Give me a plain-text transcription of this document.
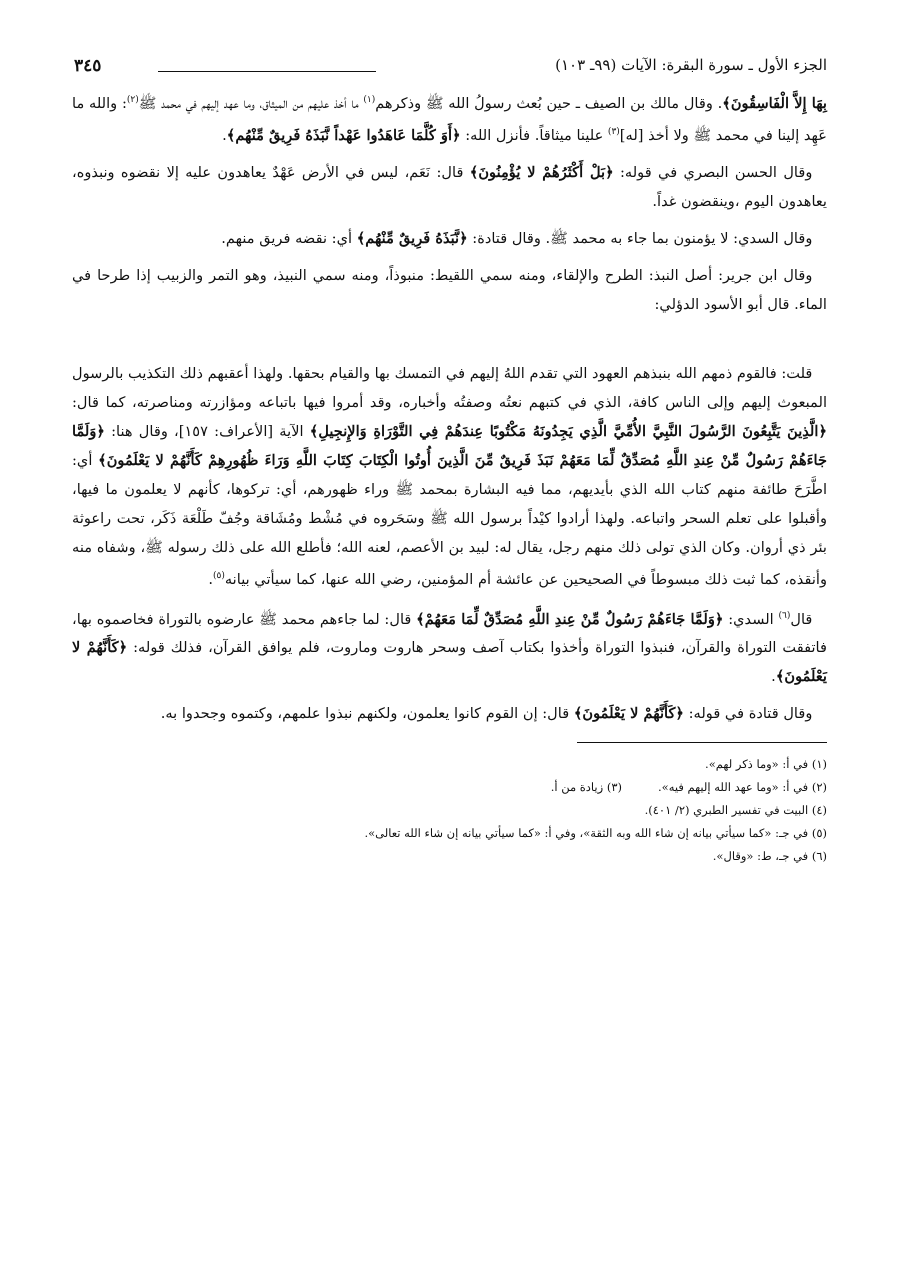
الجزء الأول ـ سورة البقرة: الآيات (٩٩ـ ١٠٣)
٣٤٥

بِهَا إِلاَّ الْفَاسِقُونَ﴾. وقال مالك بن الصيف ـ حين بُعث رسولُ الله ﷺ وذكرهم$^{(١)}$ ما أخذ عليهم من الميثاق، وما عهد إليهم في محمد ﷺ$^{(٢)}$: والله ما عَهِد إلينا في محمد ﷺ ولا أخذ [له]$^{(٣)}$ علينا ميثاقاً. فأنزل الله: ﴿أَوَ كُلَّمَا عَاهَدُوا عَهْداً نَّبَذَهُ فَرِيقٌ مِّنْهُم﴾.

 وقال الحسن البصري في قوله: ﴿بَلْ أَكْثَرُهُمْ لا يُؤْمِنُونَ﴾ قال: نَعَم، ليس في الأرض عَهْدٌ يعاهدون عليه إلا نقضوه ونبذوه، يعاهدون اليوم ،وينقضون غداً.

 وقال السدي: لا يؤمنون بما جاء به محمد ﷺ. وقال قتادة: ﴿نَّبَذَهُ فَرِيقٌ مِّنْهُم﴾ أي: نقضه فريق منهم.

 وقال ابن جرير: أصل النبذ: الطرح والإلقاء، ومنه سمي اللقيط: منبوذاً، ومنه سمي النبيذ، وهو التمر والزبيب إذا طرحا في الماء. قال أبو الأسود الدؤلي:

 قلت: فالقوم ذمهم الله بنبذهم العهود التي تقدم اللهُ إليهم في التمسك بها والقيام بحقها. ولهذا أعقبهم ذلك التكذيب بالرسول المبعوث إليهم وإلى الناس كافة، الذي في كتبهم نعتُه وصفتُه وأخباره، وقد أمروا فيها باتباعه ومؤازرته ومناصرته، كما قال: ﴿الَّذِينَ يَتَّبِعُونَ الرَّسُولَ النَّبِيَّ الأُمِّيَّ الَّذِي يَجِدُونَهُ مَكْتُوبًا عِندَهُمْ فِي التَّوْرَاةِ وَالإِنجِيلِ﴾ الآية [الأعراف: ١٥٧]، وقال هنا: ﴿وَلَمَّا جَاءَهُمْ رَسُولٌ مِّنْ عِندِ اللَّهِ مُصَدِّقٌ لِّمَا مَعَهُمْ نَبَذَ فَرِيقٌ مِّنَ الَّذِينَ أُوتُوا الْكِتَابَ كِتَابَ اللَّهِ وَرَاءَ ظُهُورِهِمْ كَأَنَّهُمْ لا يَعْلَمُونَ﴾ أي: اطَّرَحَ طائفة منهم كتاب الله الذي بأيديهم، مما فيه البشارة بمحمد ﷺ وراء ظهورهم، أي: تركوها، كأنهم لا يعلمون ما فيها، وأقبلوا على تعلم السحر واتباعه. ولهذا أرادوا كيْداً برسول الله ﷺ وسَحَروه في مُشْط ومُشَاقة وجُفّ طَلْعَة ذَكَر، تحت راعوثة بئر ذي أروان. وكان الذي تولى ذلك منهم رجل، يقال له: لبيد بن الأعصم، لعنه الله؛ فأطلع الله على ذلك رسوله ﷺ، وشفاه منه وأنقذه، كما ثبت ذلك مبسوطاً في الصحيحين عن عائشة أم المؤمنين، رضي الله عنها، كما سيأتي بيانه$^{(٥)}$.

 قال$^{(٦)}$ السدي: ﴿وَلَمَّا جَاءَهُمْ رَسُولٌ مِّنْ عِندِ اللَّهِ مُصَدِّقٌ لِّمَا مَعَهُمْ﴾ قال: لما جاءهم محمد ﷺ عارضوه بالتوراة فخاصموه بها، فاتفقت التوراة والقرآن، فنبذوا التوراة وأخذوا بكتاب آصف وسحر هاروت وماروت، فلم يوافق القرآن، فذلك قوله: ﴿كَأَنَّهُمْ لا يَعْلَمُونَ﴾.

 وقال قتادة في قوله: ﴿كَأَنَّهُمْ لا يَعْلَمُونَ﴾ قال: إن القوم كانوا يعلمون، ولكنهم نبذوا علمهم، وكتموه وجحدوا به.

(١) في أ: «وما ذكر لهم».

(٢) في أ: «وما عهد الله إليهم فيه».
(٣) زيادة من أ.

(٤) البيت في تفسير الطبري (٢/ ٤٠١).

(٥) في جـ: «كما سيأتي بيانه إن شاء الله وبه الثقة»، وفي أ: «كما سيأتي بيانه إن شاء الله تعالى».

(٦) في جـ، ط: «وقال».
